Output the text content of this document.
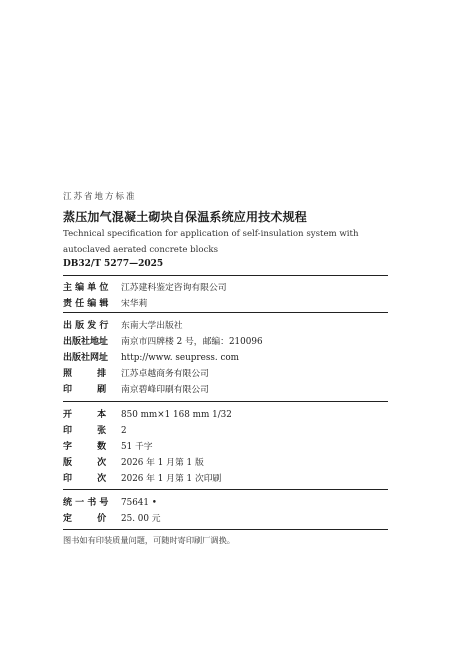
江苏省地方标准
蒸压加气混凝土砌块自保温系统应用技术规程
Technical specification for application of self-insulation system with autoclaved aerated concrete blocks
DB32/T 5277—2025
主 编 单 位 江苏建科鉴定咨询有限公司
责 任 编 辑 宋华莉
出 版 发 行 东南大学出版社
出版社地址 南京市四牌楼 2 号，邮编：210096
出版社网址 http://www. seupress. com
照        排 江苏卓越商务有限公司
印        刷 南京碧峰印刷有限公司
开        本 850 mm×1 168 mm 1/32
印        张 2
字        数 51 千字
版        次 2026 年 1 月第 1 版
印        次 2026 年 1 月第 1 次印刷
统 一 书 号 75641 •
定        价 25. 00 元
图书如有印装质量问题，可随时寄印刷厂调换。
